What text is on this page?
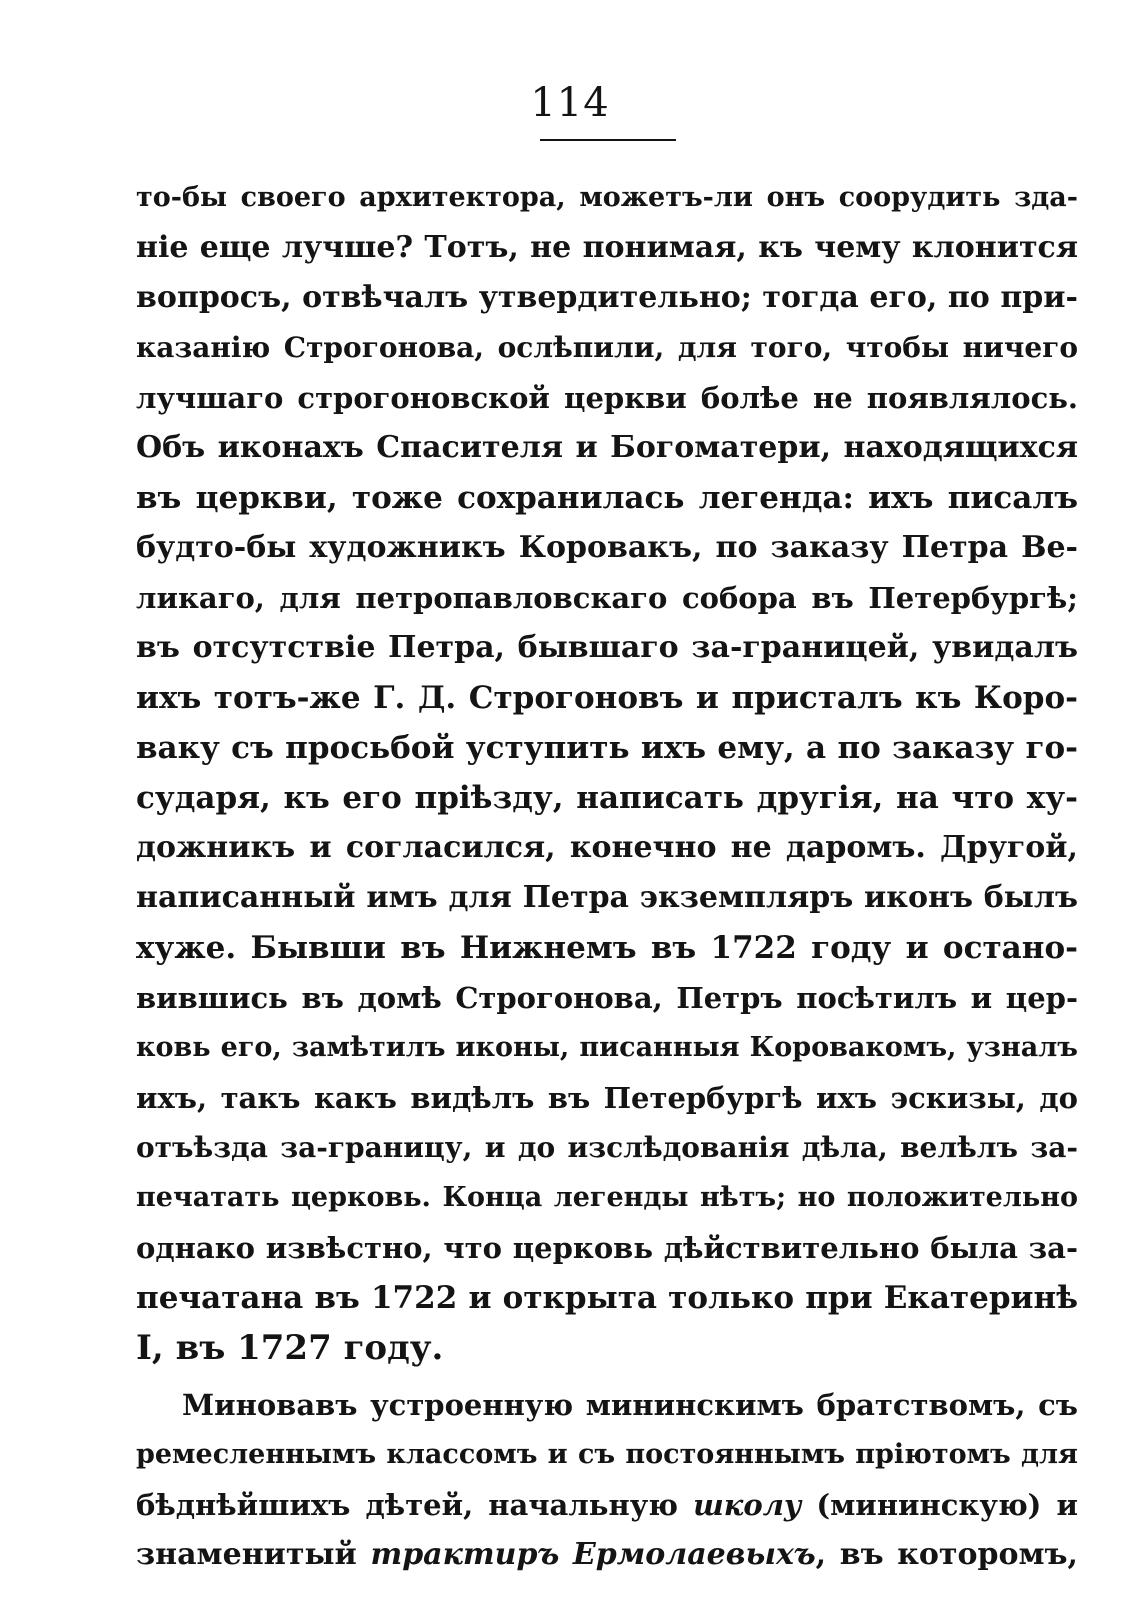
114
то-бы своего архитектора, можетъ-ли онъ соорудить зда-
ніе еще лучше? Тотъ, не понимая, къ чему клонится
вопросъ, отвѣчалъ утвердительно; тогда его, по при-
казанію Строгонова, ослѣпили, для того, чтобы ничего
лучшаго строгоновской церкви болѣе не появлялось.
Объ иконахъ Спасителя и Богоматери, находящихся
въ церкви, тоже сохранилась легенда: ихъ писалъ
будто-бы художникъ Коровакъ, по заказу Петра Ве-
ликаго, для петропавловскаго собора въ Петербургѣ;
въ отсутствіе Петра, бывшаго за-границей, увидалъ
ихъ тотъ-же Г. Д. Строгоновъ и присталъ къ Коро-
ваку съ просьбой уступить ихъ ему, а по заказу го-
сударя, къ его пріѣзду, написать другія, на что ху-
дожникъ и согласился, конечно не даромъ. Другой,
написанный имъ для Петра экземпляръ иконъ былъ
хуже. Бывши въ Нижнемъ въ 1722 году и остано-
вившись въ домѣ Строгонова, Петръ посѣтилъ и цер-
ковь его, замѣтилъ иконы, писанныя Коровакомъ, узналъ
ихъ, такъ какъ видѣлъ въ Петербургѣ ихъ эскизы, до
отъѣзда за-границу, и до изслѣдованія дѣла, велѣлъ за-
печатать церковь. Конца легенды нѣтъ; но положительно
однако извѣстно, что церковь дѣйствительно была за-
печатана въ 1722 и открыта только при Екатеринѣ
I, въ 1727 году.
Миновавъ устроенную мининскимъ братствомъ, съ
ремесленнымъ классомъ и съ постояннымъ пріютомъ для
бѣднѣйшихъ дѣтей, начальную школу (мининскую) и
знаменитый трактиръ Ермолаевыхъ, въ которомъ,
